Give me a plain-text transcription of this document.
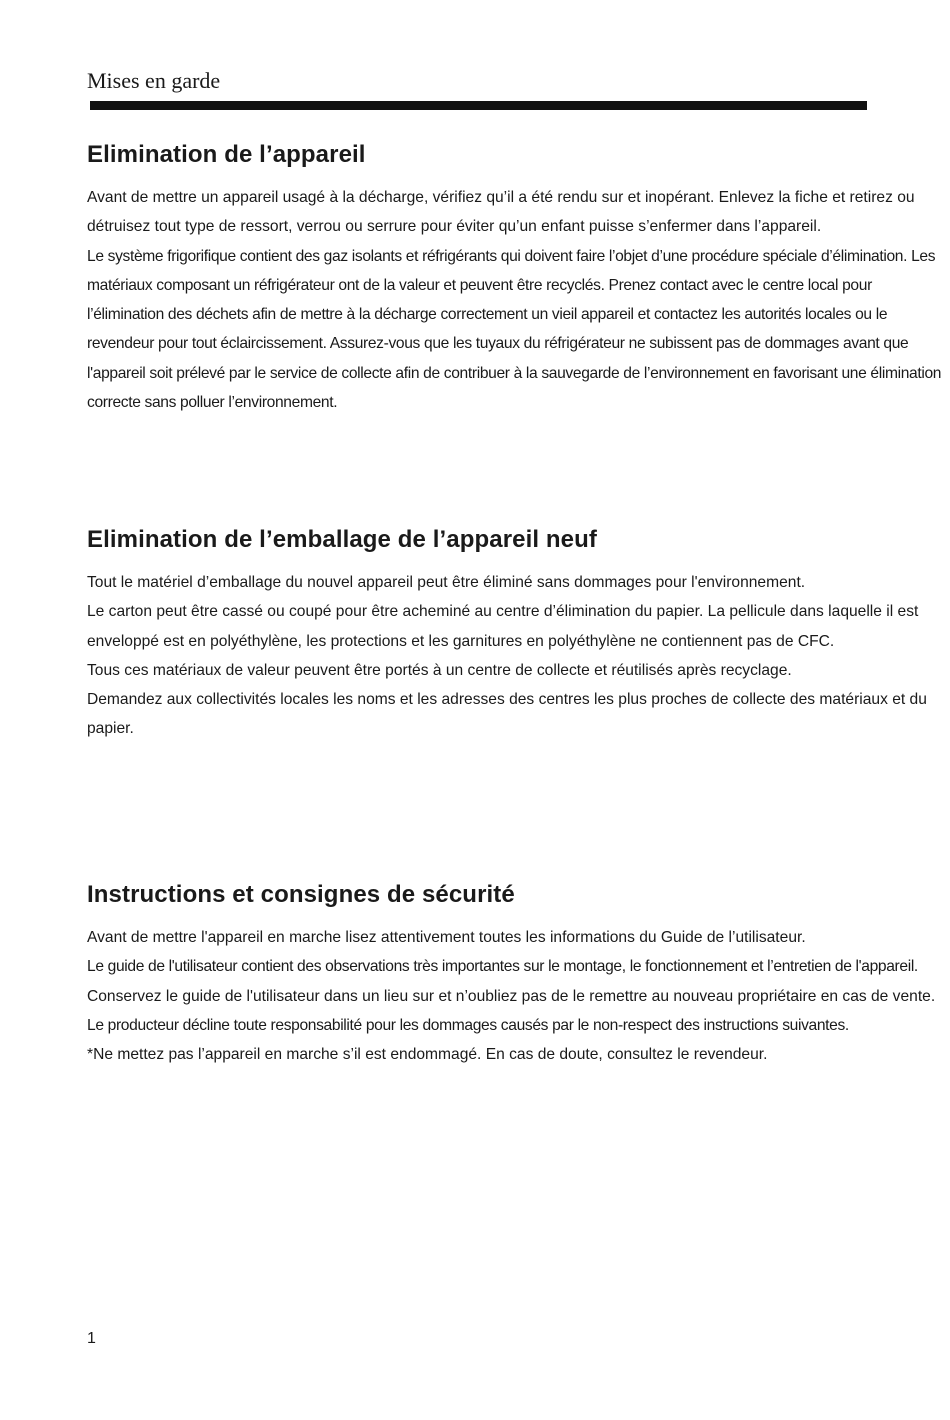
Mises en garde
Elimination de l’appareil

Avant de mettre un appareil usagé à la décharge, vérifiez qu’il a été rendu sur et inopérant. Enlevez la fiche et retirez ou détruisez tout type de ressort, verrou ou serrure pour éviter qu’un enfant puisse s’enfermer dans l’appareil.

Le système frigorifique contient des gaz isolants et réfrigérants qui doivent faire l’objet d’une procédure spéciale d’élimination. Les matériaux composant un réfrigérateur ont de la valeur et peuvent être recyclés. Prenez contact avec le centre local pour l’élimination des déchets afin de mettre à la décharge correctement un vieil appareil et contactez les autorités locales ou le revendeur pour tout éclaircissement. Assurez-vous que les tuyaux du réfrigérateur ne subissent pas de dommages avant que l'appareil soit prélevé par le service de collecte afin de contribuer à la sauvegarde de l’environnement en favorisant une élimination correcte sans polluer l’environnement.

Elimination de l’emballage de l’appareil neuf

Tout le matériel d’emballage du nouvel appareil peut être éliminé sans dommages pour l'environnement.

Le carton peut être cassé ou coupé pour être acheminé au centre d’élimination du papier. La pellicule dans laquelle il est enveloppé est en polyéthylène, les protections et les garnitures en polyéthylène ne contiennent pas de CFC.

Tous ces matériaux de valeur peuvent être portés à un centre de collecte et réutilisés après recyclage.

Demandez aux collectivités locales les noms et les adresses des centres les plus proches de collecte des matériaux et du papier.

Instructions et consignes de sécurité

Avant de mettre l'appareil en marche lisez attentivement toutes les informations du Guide de l’utilisateur.

Le guide de l'utilisateur contient des observations très importantes sur le montage, le fonctionnement et l’entretien de l'appareil.

Conservez le guide de l'utilisateur dans un lieu sur et n’oubliez pas de le remettre au nouveau propriétaire en cas de vente.

Le producteur décline toute responsabilité pour les dommages causés par le non-respect des instructions suivantes.

*Ne mettez pas l’appareil en marche s’il est endommagé. En cas de doute, consultez le revendeur.

1
